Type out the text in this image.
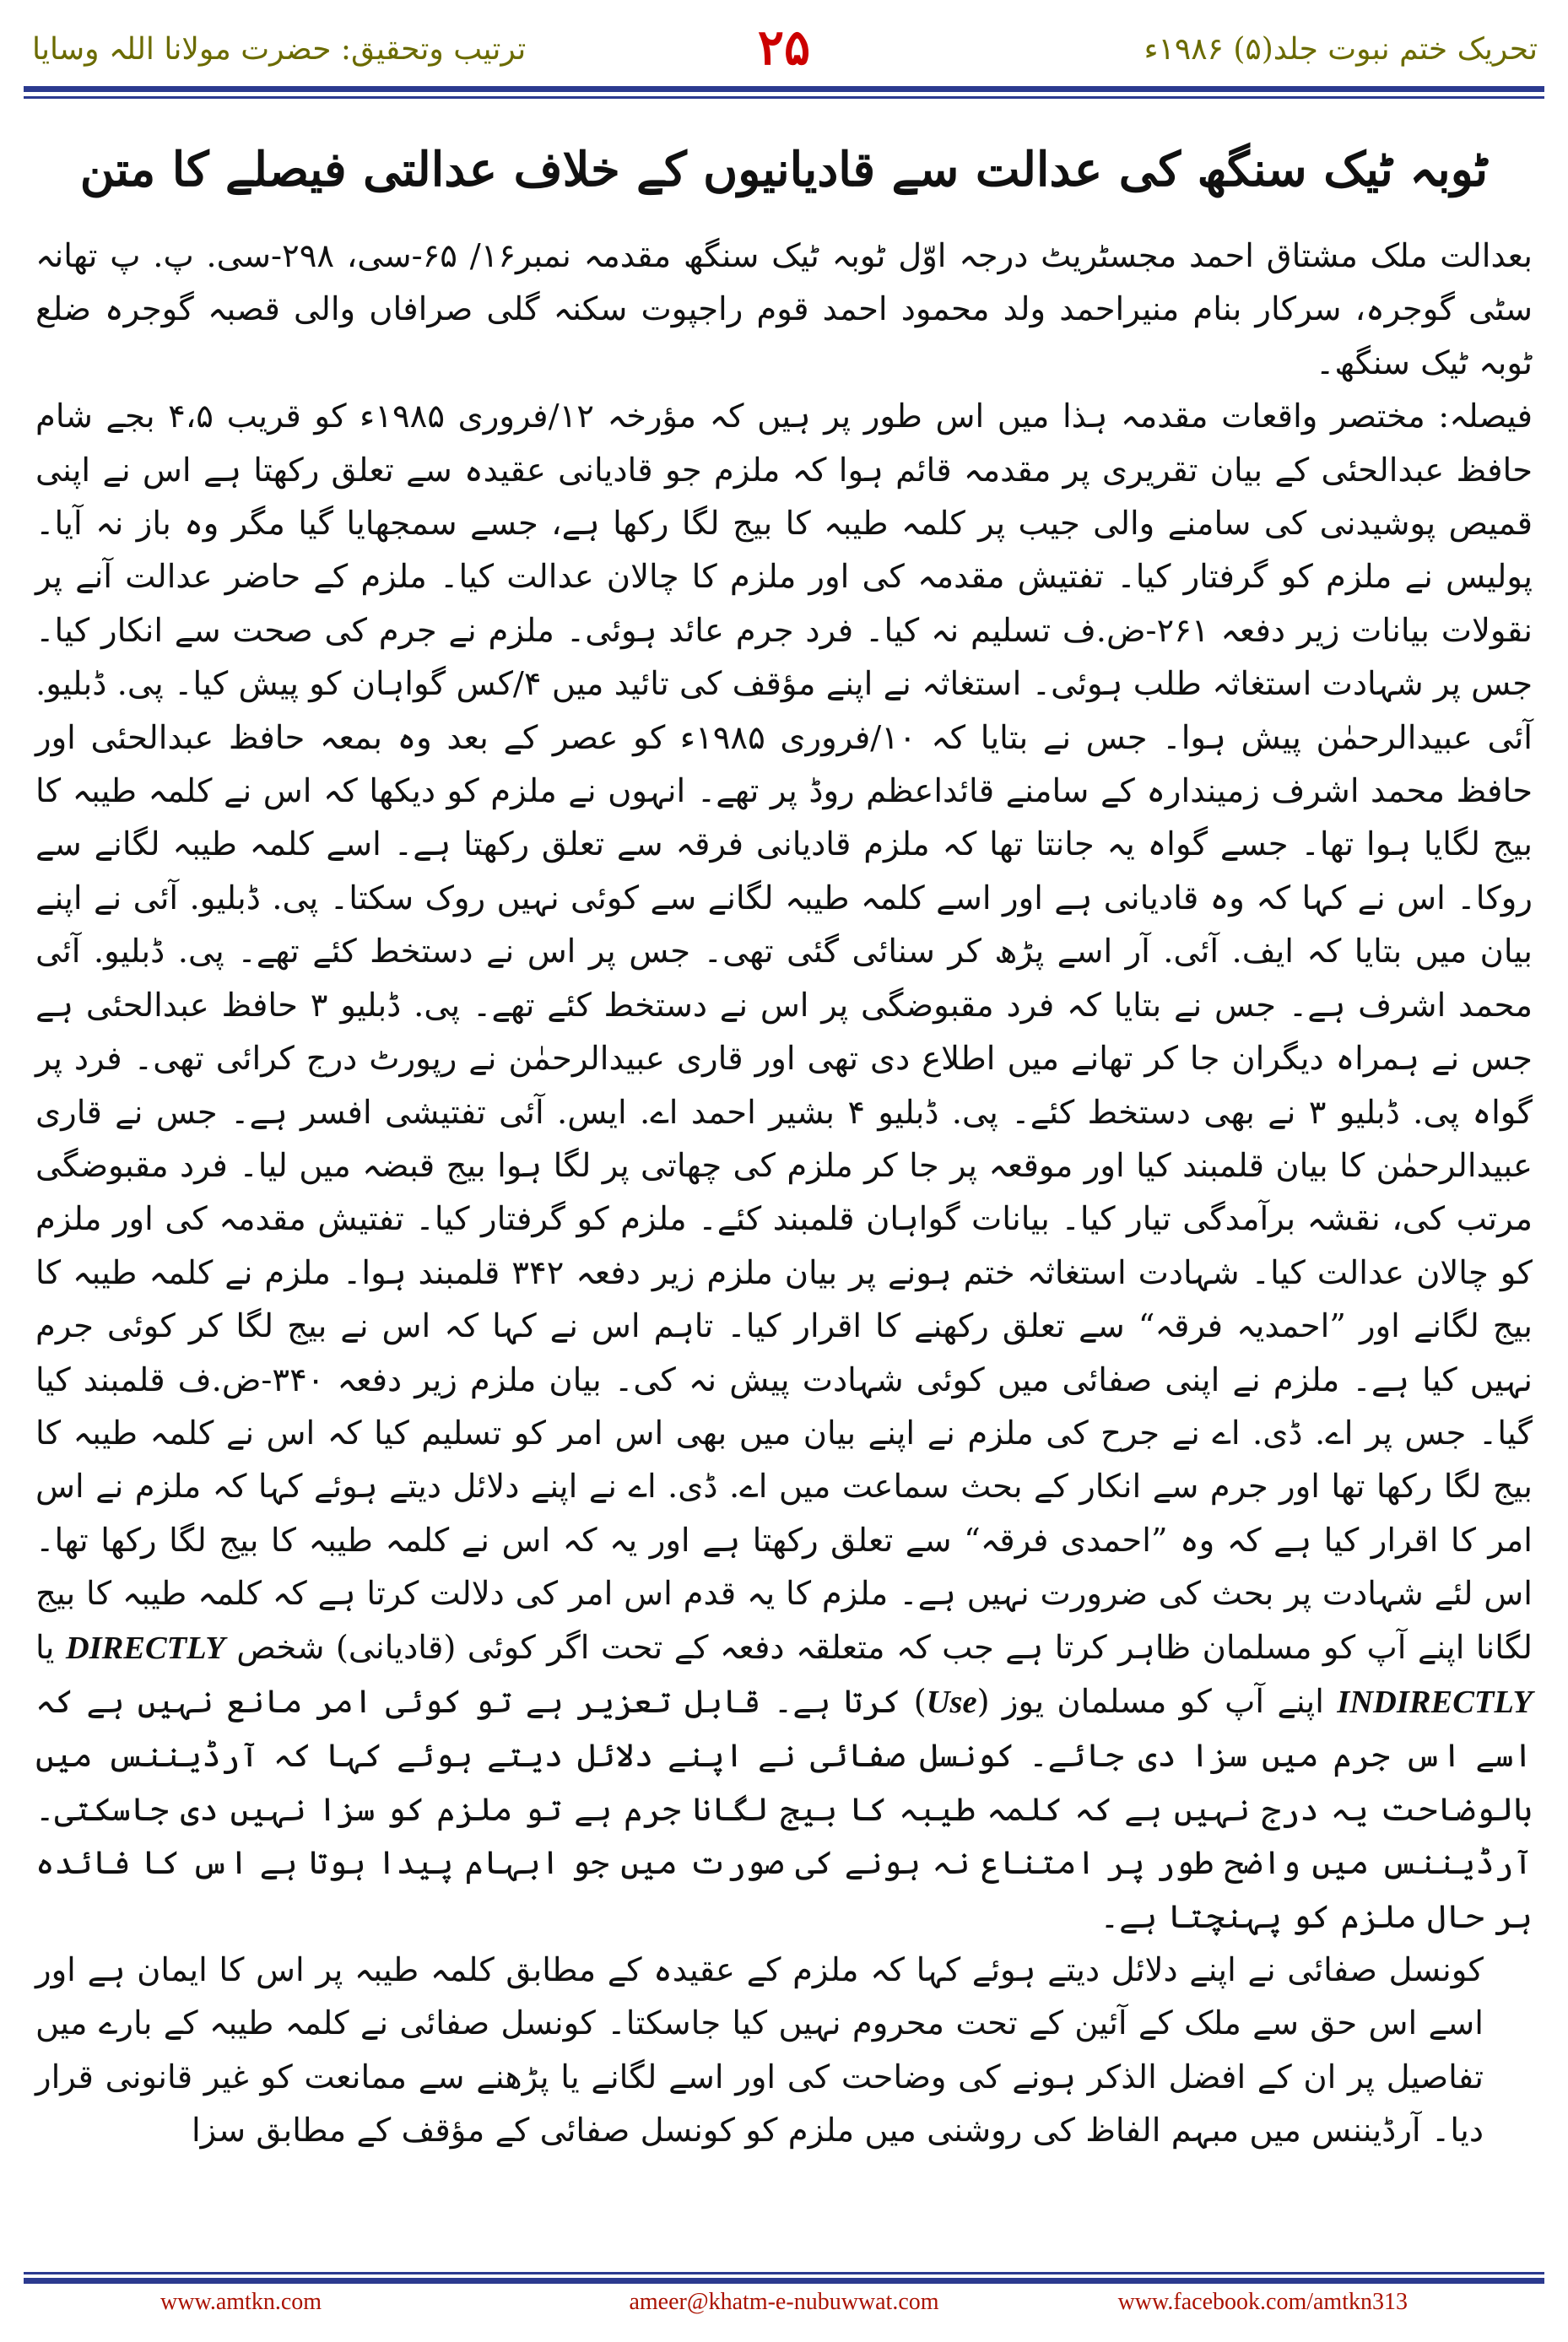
ترتیب وتحقیق: حضرت مولانا اللہ وسایا	۲۵	تحریک ختم نبوت جلد(۵) ۱۹۸۶ء
ٹوبہ ٹیک سنگھ کی عدالت سے قادیانیوں کے خلاف عدالتی فیصلے کا متن

بعدالت ملک مشتاق احمد مجسٹریٹ درجہ اوّل ٹوبہ ٹیک سنگھ مقدمہ نمبر۱۶/ ۶۵-سی، ۲۹۸-سی. پ. پ تھانہ سٹی گوجرہ، سرکار بنام منیراحمد ولد محمود احمد قوم راجپوت سکنہ گلی صرافاں والی قصبہ گوجرہ ضلع ٹوبہ ٹیک سنگھ۔

فیصلہ: مختصر واقعات مقدمہ ہذا میں اس طور پر ہیں کہ مؤرخہ ۱۲/فروری ۱۹۸۵ء کو قریب ۴،۵ بجے شام حافظ عبدالحئی کے بیان تقریری پر مقدمہ قائم ہوا کہ ملزم جو قادیانی عقیدہ سے تعلق رکھتا ہے اس نے اپنی قمیص پوشیدنی کی سامنے والی جیب پر کلمہ طیبہ کا بیج لگا رکھا ہے، جسے سمجھایا گیا مگر وہ باز نہ آیا۔ پولیس نے ملزم کو گرفتار کیا۔ تفتیش مقدمہ کی اور ملزم کا چالان عدالت کیا۔ ملزم کے حاضر عدالت آنے پر نقولات بیانات زیر دفعہ ۲۶۱-ض.ف تسلیم نہ کیا۔ فرد جرم عائد ہوئی۔ ملزم نے جرم کی صحت سے انکار کیا۔ جس پر شہادت استغاثہ طلب ہوئی۔ استغاثہ نے اپنے مؤقف کی تائید میں ۴/کس گواہان کو پیش کیا۔ پی. ڈبلیو. آئی عبیدالرحمٰن پیش ہوا۔ جس نے بتایا کہ ۱۰/فروری ۱۹۸۵ء کو عصر کے بعد وہ بمعہ حافظ عبدالحئی اور حافظ محمد اشرف زمیندارہ کے سامنے قائداعظم روڈ پر تھے۔ انہوں نے ملزم کو دیکھا کہ اس نے کلمہ طیبہ کا بیج لگایا ہوا تھا۔ جسے گواہ یہ جانتا تھا کہ ملزم قادیانی فرقہ سے تعلق رکھتا ہے۔ اسے کلمہ طیبہ لگانے سے روکا۔ اس نے کہا کہ وہ قادیانی ہے اور اسے کلمہ طیبہ لگانے سے کوئی نہیں روک سکتا۔ پی. ڈبلیو. آئی نے اپنے بیان میں بتایا کہ ایف. آئی. آر اسے پڑھ کر سنائی گئی تھی۔ جس پر اس نے دستخط کئے تھے۔ پی. ڈبلیو. آئی محمد اشرف ہے۔ جس نے بتایا کہ فرد مقبوضگی پر اس نے دستخط کئے تھے۔ پی. ڈبلیو ۳ حافظ عبدالحئی ہے جس نے ہمراہ دیگران جا کر تھانے میں اطلاع دی تھی اور قاری عبیدالرحمٰن نے رپورٹ درج کرائی تھی۔ فرد پر گواہ پی. ڈبلیو ۳ نے بھی دستخط کئے۔ پی. ڈبلیو ۴ بشیر احمد اے. ایس. آئی تفتیشی افسر ہے۔ جس نے قاری عبیدالرحمٰن کا بیان قلمبند کیا اور موقعہ پر جا کر ملزم کی چھاتی پر لگا ہوا بیج قبضہ میں لیا۔ فرد مقبوضگی مرتب کی، نقشہ برآمدگی تیار کیا۔ بیانات گواہان قلمبند کئے۔ ملزم کو گرفتار کیا۔ تفتیش مقدمہ کی اور ملزم کو چالان عدالت کیا۔ شہادت استغاثہ ختم ہونے پر بیان ملزم زیر دفعہ ۳۴۲ قلمبند ہوا۔ ملزم نے کلمہ طیبہ کا بیج لگانے اور ”احمدیہ فرقہ“ سے تعلق رکھنے کا اقرار کیا۔ تاہم اس نے کہا کہ اس نے بیج لگا کر کوئی جرم نہیں کیا ہے۔ ملزم نے اپنی صفائی میں کوئی شہادت پیش نہ کی۔ بیان ملزم زیر دفعہ ۳۴۰-ض.ف قلمبند کیا گیا۔ جس پر اے. ڈی. اے نے جرح کی ملزم نے اپنے بیان میں بھی اس امر کو تسلیم کیا کہ اس نے کلمہ طیبہ کا بیج لگا رکھا تھا اور جرم سے انکار کے بحث سماعت میں اے. ڈی. اے نے اپنے دلائل دیتے ہوئے کہا کہ ملزم نے اس امر کا اقرار کیا ہے کہ وہ ”احمدی فرقہ“ سے تعلق رکھتا ہے اور یہ کہ اس نے کلمہ طیبہ کا بیج لگا رکھا تھا۔ اس لئے شہادت پر بحث کی ضرورت نہیں ہے۔ ملزم کا یہ قدم اس امر کی دلالت کرتا ہے کہ کلمہ طیبہ کا بیج لگانا اپنے آپ کو مسلمان ظاہر کرتا ہے جب کہ متعلقہ دفعہ کے تحت اگر کوئی (قادیانی) شخص DIRECTLY یا INDIRECTLY اپنے آپ کو مسلمان یوز (Use) کرتا ہے۔ قابل تعزیر ہے تو کوئی امر مانع نہیں ہے کہ اسے اس جرم میں سزا دی جائے۔ کونسل صفائی نے اپنے دلائل دیتے ہوئے کہا کہ آرڈیننس میں بالوضاحت یہ درج نہیں ہے کہ کلمہ طیبہ کا بیج لگانا جرم ہے تو ملزم کو سزا نہیں دی جاسکتی۔ آرڈیننس میں واضح طور پر امتناع نہ ہونے کی صورت میں جو ابہام پیدا ہوتا ہے اس کا فائدہ ہر حال ملزم کو پہنچتا ہے۔

کونسل صفائی نے اپنے دلائل دیتے ہوئے کہا کہ ملزم کے عقیدہ کے مطابق کلمہ طیبہ پر اس کا ایمان ہے اور اسے اس حق سے ملک کے آئین کے تحت محروم نہیں کیا جاسکتا۔ کونسل صفائی نے کلمہ طیبہ کے بارے میں تفاصیل پر ان کے افضل الذکر ہونے کی وضاحت کی اور اسے لگانے یا پڑھنے سے ممانعت کو غیر قانونی قرار دیا۔ آرڈیننس میں مبہم الفاظ کی روشنی میں ملزم کو کونسل صفائی کے مؤقف کے مطابق سزا

www.amtkn.com	ameer@khatm-e-nubuwwat.com	www.facebook.com/amtkn313
